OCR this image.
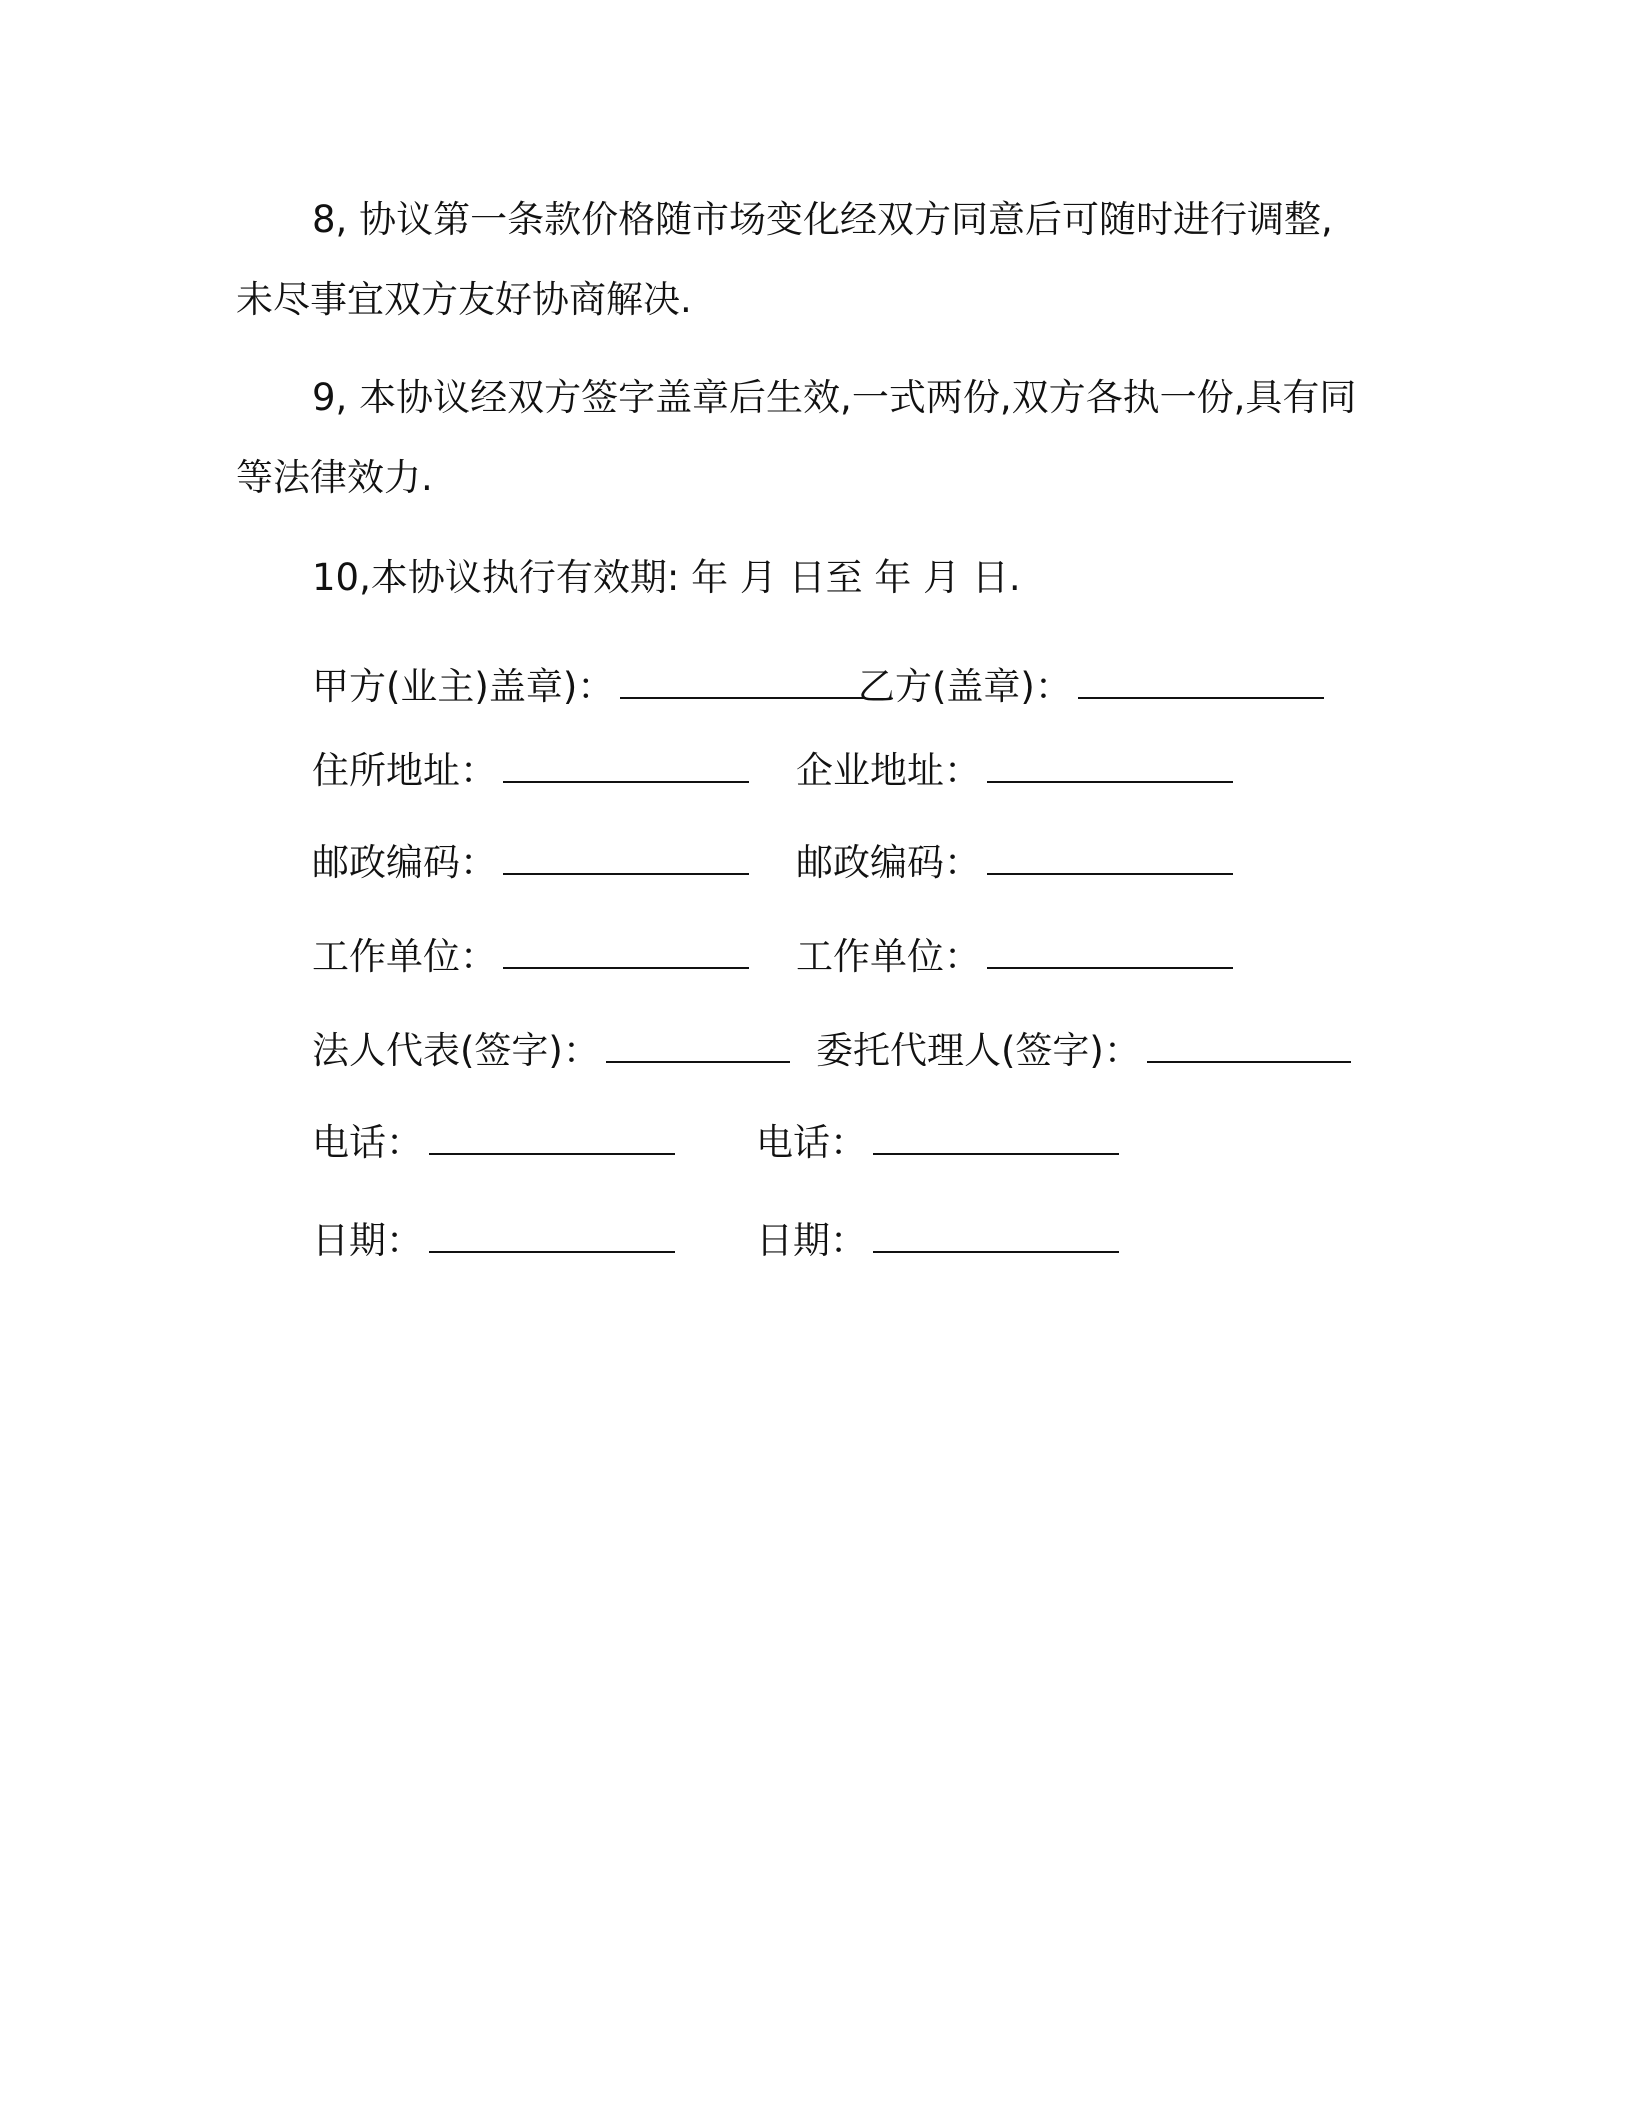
8, 协议第一条款价格随市场变化经双方同意后可随时进行调整,未尽事宜双方友好协商解决.
9, 本协议经双方签字盖章后生效,一式两份,双方各执一份,具有同等法律效力.
10,本协议执行有效期: 年 月 日至 年 月 日.
甲方(业主)盖章)：	乙方(盖章)：
住所地址：	企业地址：
邮政编码：	邮政编码：
工作单位：	工作单位：
法人代表(签字)：	委托代理人(签字)：
电话：	电话：
日期：	日期：
